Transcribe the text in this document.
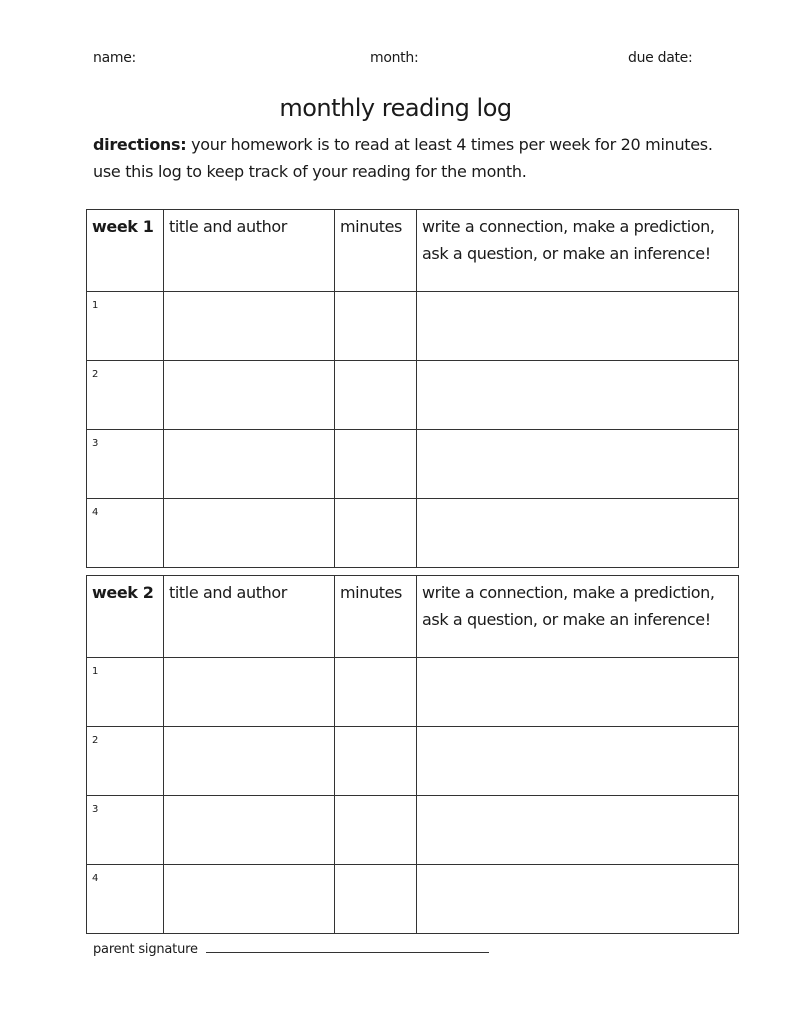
name:	month:	due date:
monthly reading log
directions: your homework is to read at least 4 times per week for 20 minutes. use this log to keep track of your reading for the month.
week 1	title and author	minutes	write a connection, make a prediction, ask a question, or make an inference!
1			
2			
3			
4			
week 2	title and author	minutes	write a connection, make a prediction, ask a question, or make an inference!
1			
2			
3			
4			
parent signature
